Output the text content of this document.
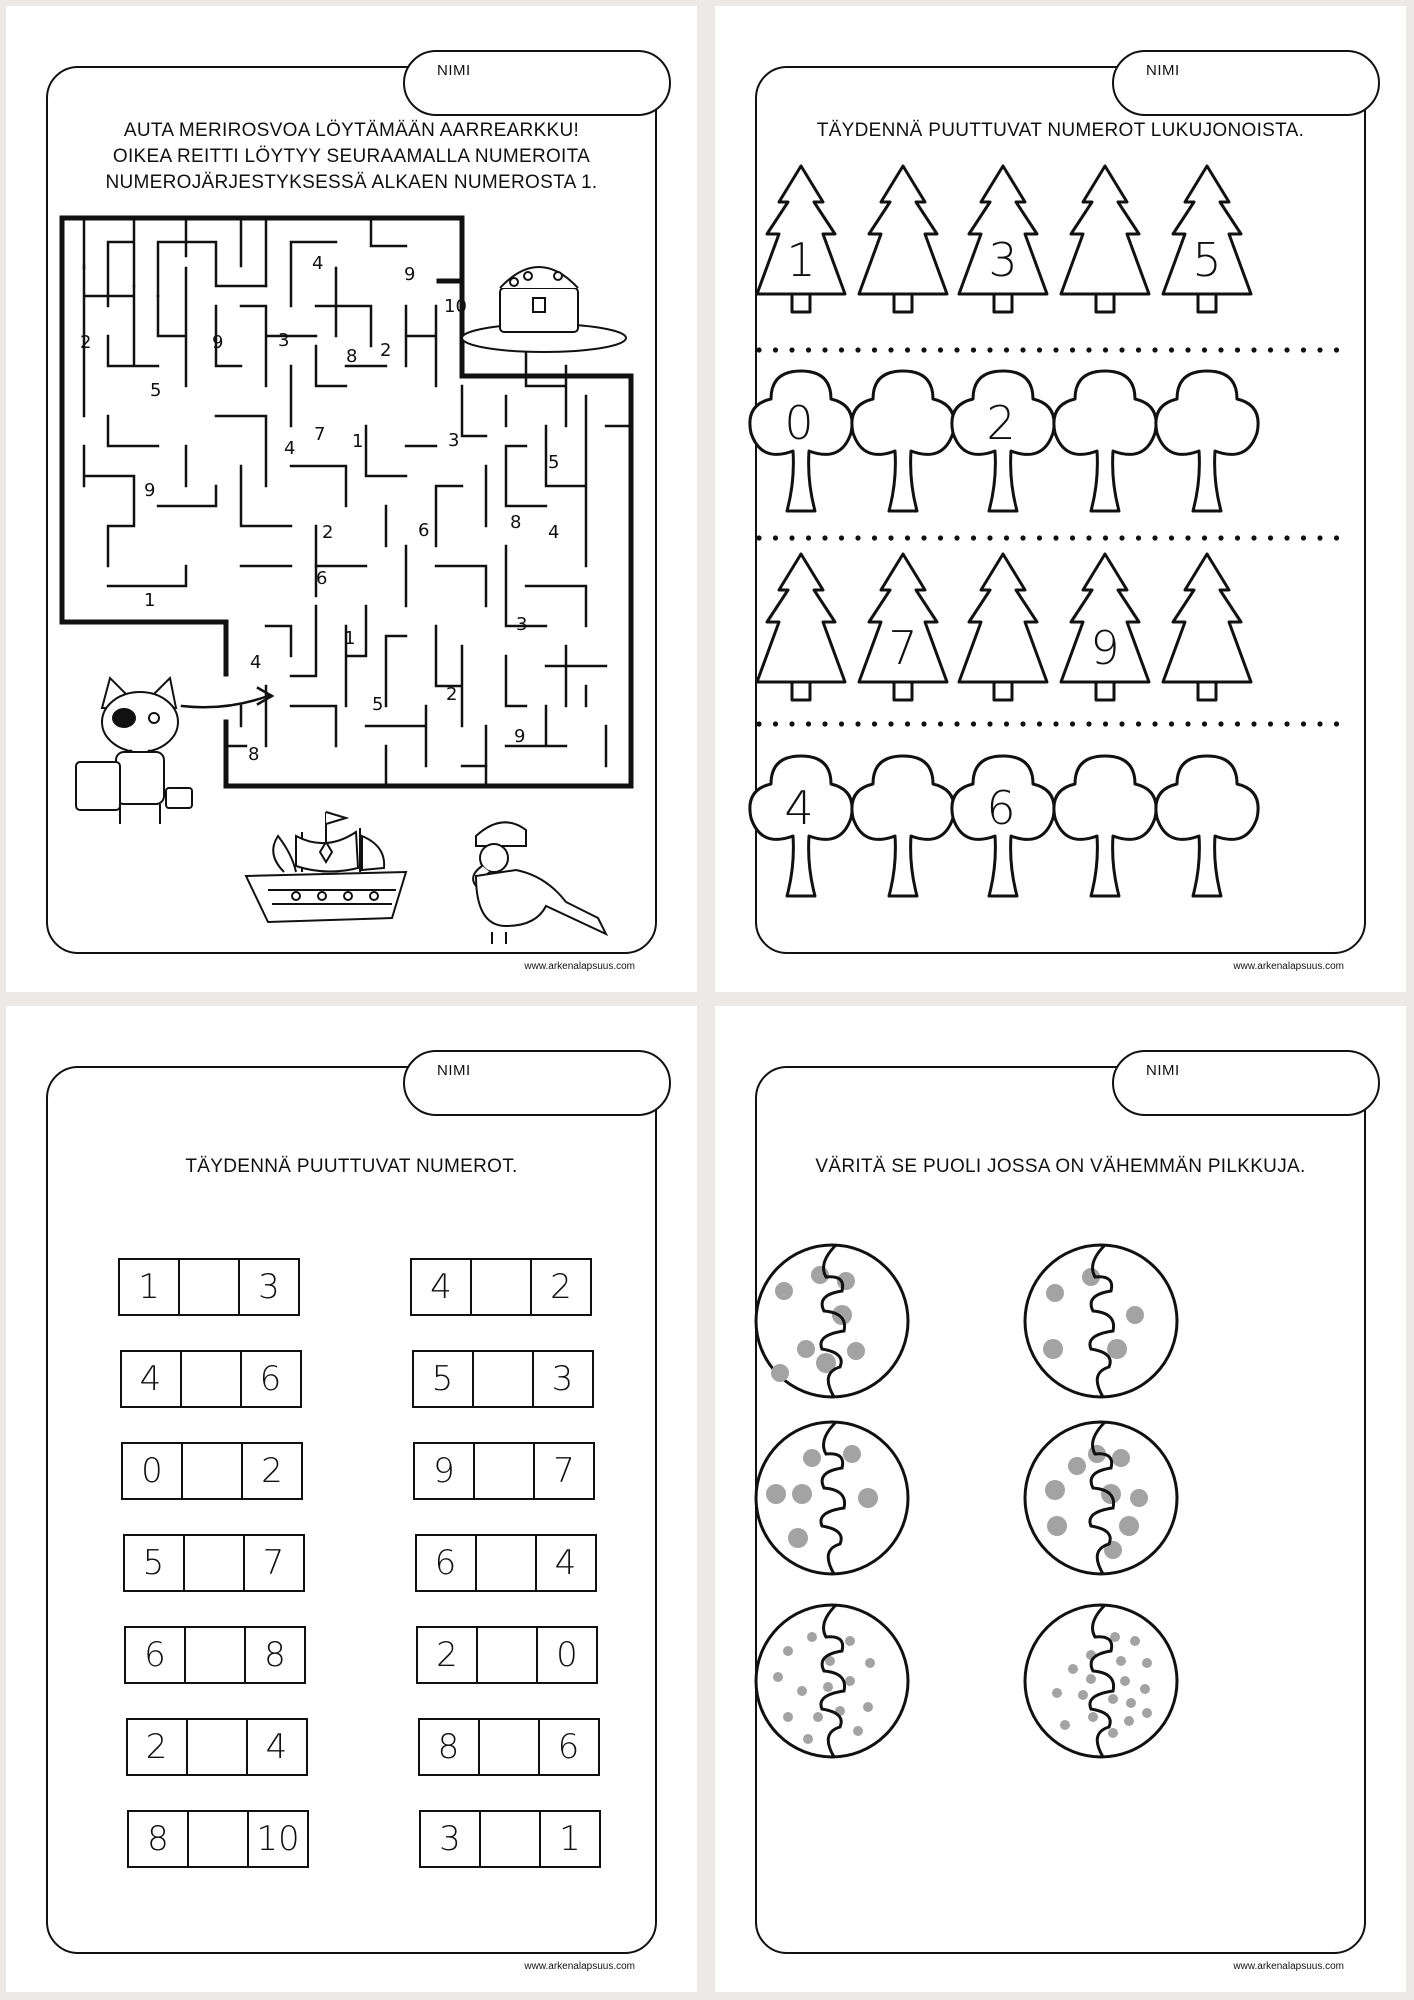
NIMI
AUTA MERIROSVOA LÖYTÄMÄÄN AARREARKKU!
OIKEA REITTI LÖYTYY SEURAAMALLA NUMEROITA
NUMEROJÄRJESTYKSESSÄ ALKAEN NUMEROSTA 1.
4
9
10
2	9	3
8 2
5
7 1
4	3
5
9
2	6	8 4
6
1
1
3
4
5	2
8
9
www.arkenalapsuus.com
NIMI
TÄYDENNÄ PUUTTUVAT NUMEROT LUKUJONOISTA.
1	3	5
0	2
7	9
4	6
www.arkenalapsuus.com
NIMI
TÄYDENNÄ PUUTTUVAT NUMEROT.
1	3
4	6
0	2
5	7
6	8
2	4
8	10
4	2
5	3
9	7
6	4
2	0
8	6
3	1
www.arkenalapsuus.com
NIMI
VÄRITÄ SE PUOLI JOSSA ON VÄHEMMÄN PILKKUJA.
www.arkenalapsuus.com
